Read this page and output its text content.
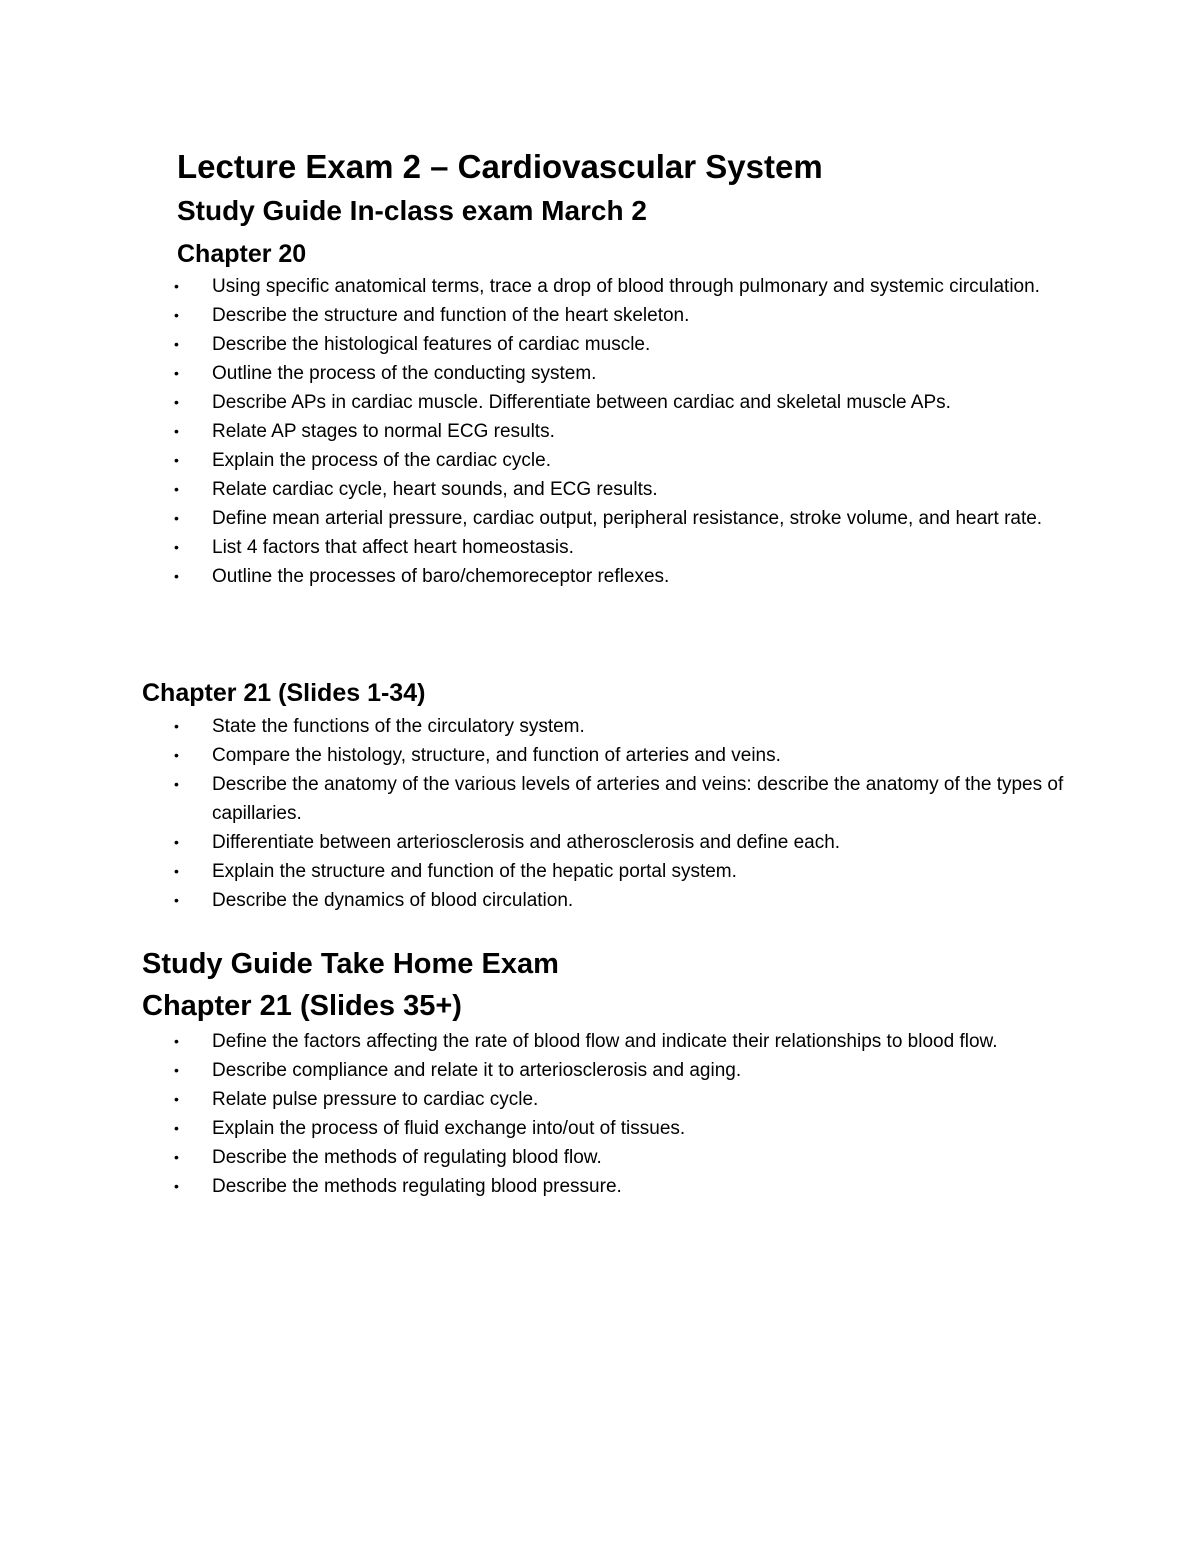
Lecture Exam 2 – Cardiovascular System
Study Guide In-class exam March 2
Chapter 20
• Using specific anatomical terms, trace a drop of blood through pulmonary and systemic circulation.
• Describe the structure and function of the heart skeleton.
• Describe the histological features of cardiac muscle.
• Outline the process of the conducting system.
• Describe APs in cardiac muscle. Differentiate between cardiac and skeletal muscle APs.
• Relate AP stages to normal ECG results.
• Explain the process of the cardiac cycle.
• Relate cardiac cycle, heart sounds, and ECG results.
• Define mean arterial pressure, cardiac output, peripheral resistance, stroke volume, and heart rate.
• List 4 factors that affect heart homeostasis.
• Outline the processes of baro/chemoreceptor reflexes.
Chapter 21 (Slides 1-34)
• State the functions of the circulatory system.
• Compare the histology, structure, and function of arteries and veins.
• Describe the anatomy of the various levels of arteries and veins: describe the anatomy of the types of capillaries.
• Differentiate between arteriosclerosis and atherosclerosis and define each.
• Explain the structure and function of the hepatic portal system.
• Describe the dynamics of blood circulation.
Study Guide Take Home Exam
Chapter 21 (Slides 35+)
• Define the factors affecting the rate of blood flow and indicate their relationships to blood flow.
• Describe compliance and relate it to arteriosclerosis and aging.
• Relate pulse pressure to cardiac cycle.
• Explain the process of fluid exchange into/out of tissues.
• Describe the methods of regulating blood flow.
• Describe the methods regulating blood pressure.
